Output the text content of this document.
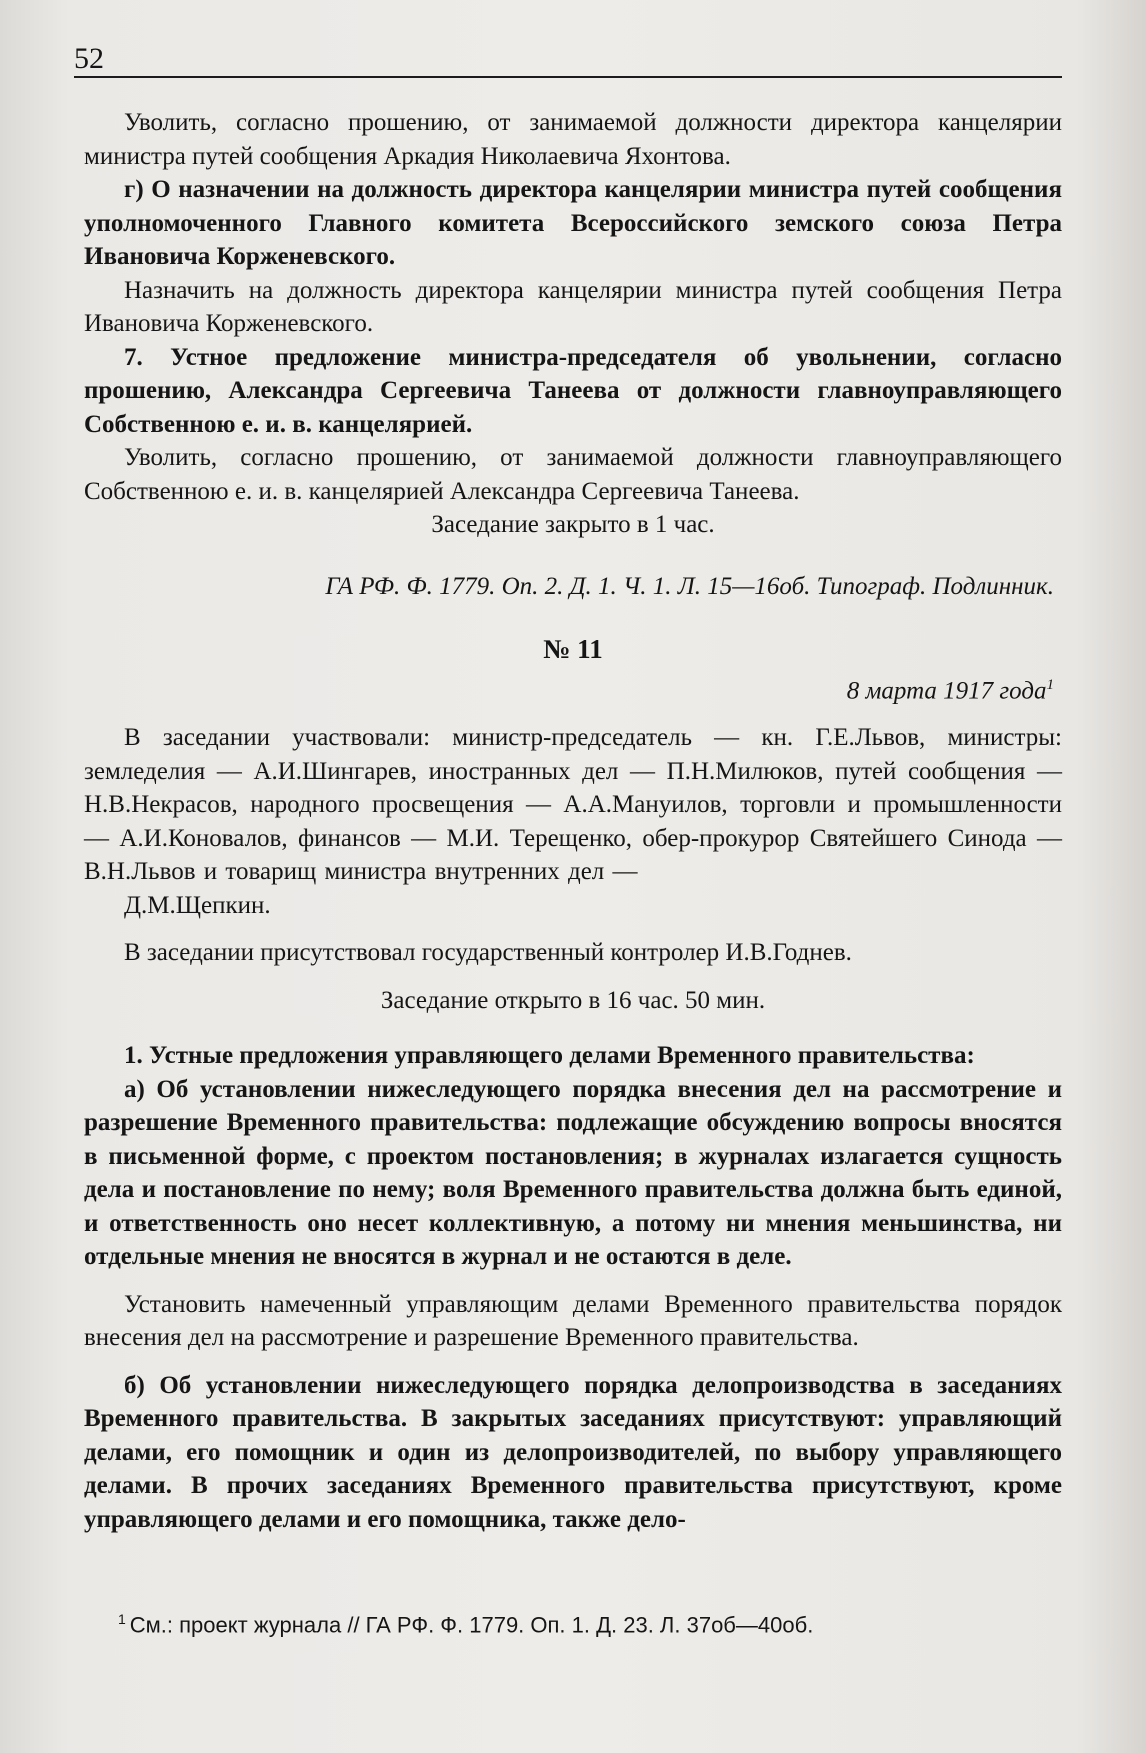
52

Уволить, согласно прошению, от занимаемой должности директора канцелярии министра путей сообщения Аркадия Николаевича Яхонтова.

г) О назначении на должность директора канцелярии министра путей сообщения уполномоченного Главного комитета Всероссийского земского союза Петра Ивановича Корженевского.

Назначить на должность директора канцелярии министра путей сообщения Петра Ивановича Корженевского.

7. Устное предложение министра-председателя об увольнении, согласно прошению, Александра Сергеевича Танеева от должности главноуправляющего Собственною е. и. в. канцелярией.

Уволить, согласно прошению, от занимаемой должности главноуправляющего Собственною е. и. в. канцелярией Александра Сергеевича Танеева.

Заседание закрыто в 1 час.

ГА РФ. Ф. 1779. Оп. 2. Д. 1. Ч. 1. Л. 15—16об. Типограф. Подлинник.

№ 11

8 марта 1917 года$^1$

В заседании участвовали: министр-председатель — кн. Г.Е.Львов, министры: земледелия — А.И.Шингарев, иностранных дел — П.Н.Милюков, путей сообщения — Н.В.Некрасов, народного просвещения — А.А.Мануилов, торговли и промышленности — А.И.Коновалов, финансов — М.И. Терещенко, обер-прокурор Святейшего Синода — В.Н.Львов и товарищ министра внутренних дел —

Д.М.Щепкин.

В заседании присутствовал государственный контролер И.В.Годнев.

Заседание открыто в 16 час. 50 мин.

1. Устные предложения управляющего делами Временного правительства:

а) Об установлении нижеследующего порядка внесения дел на рассмотрение и разрешение Временного правительства: подлежащие обсуждению вопросы вносятся в письменной форме, с проектом постановления; в журналах излагается сущность дела и постановление по нему; воля Временного правительства должна быть единой, и ответственность оно несет коллективную, а потому ни мнения меньшинства, ни отдельные мнения не вносятся в журнал и не остаются в деле.

Установить намеченный управляющим делами Временного правительства порядок внесения дел на рассмотрение и разрешение Временного правительства.

б) Об установлении нижеследующего порядка делопроизводства в заседаниях Временного правительства. В закрытых заседаниях присутствуют: управляющий делами, его помощник и один из делопроизводителей, по выбору управляющего делами. В прочих заседаниях Временного правительства присутствуют, кроме управляющего делами и его помощника, также дело-

$^1$ См.: проект журнала // ГА РФ. Ф. 1779. Оп. 1. Д. 23. Л. 37об—40об.
